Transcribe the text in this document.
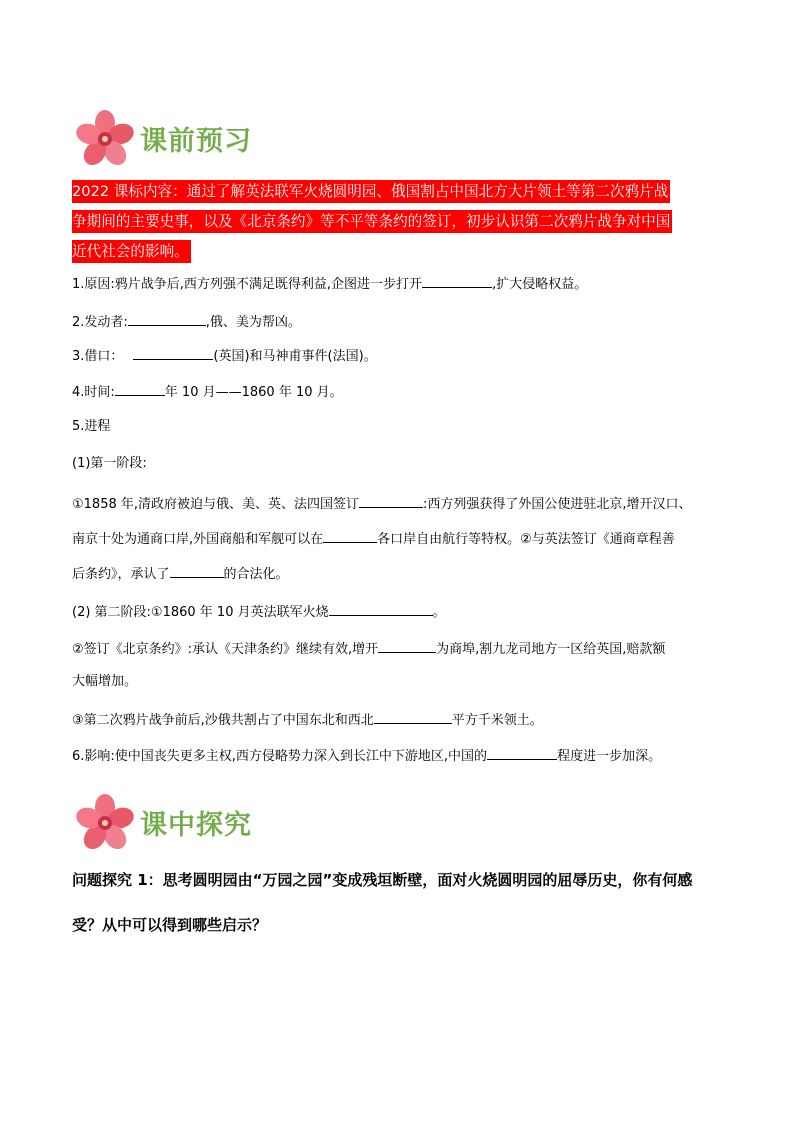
课前预习
2022 课标内容：通过了解英法联军火烧圆明园、俄国割占中国北方大片领土等第二次鸦片战
争期间的主要史事，以及《北京条约》等不平等条约的签订，初步认识第二次鸦片战争对中国
近代社会的影响。
1.原因:鸦片战争后,西方列强不满足既得利益,企图进一步打开	,扩大侵略权益。
2.发动者:	,俄、美为帮凶。
3.借口：	(英国)和马神甫事件(法国)。
4.时间:	年 10 月——1860 年 10 月。
5.进程
(1)第一阶段:
①1858 年,清政府被迫与俄、美、英、法四国签订	:西方列强获得了外国公使进驻北京,增开汉口、
南京十处为通商口岸,外国商船和军舰可以在	各口岸自由航行等特权。②与英法签订《通商章程善
后条约》，承认了	的合法化。
(2) 第二阶段:①1860 年 10 月英法联军火烧	。
②签订《北京条约》:承认《天津条约》继续有效,增开	为商埠,割九龙司地方一区给英国,赔款额
大幅增加。
③第二次鸦片战争前后,沙俄共割占了中国东北和西北	平方千米领土。
6.影响:使中国丧失更多主权,西方侵略势力深入到长江中下游地区,中国的	程度进一步加深。
课中探究
问题探究 1：思考圆明园由“万园之园”变成残垣断壁，面对火烧圆明园的屈辱历史，你有何感
受？从中可以得到哪些启示？
